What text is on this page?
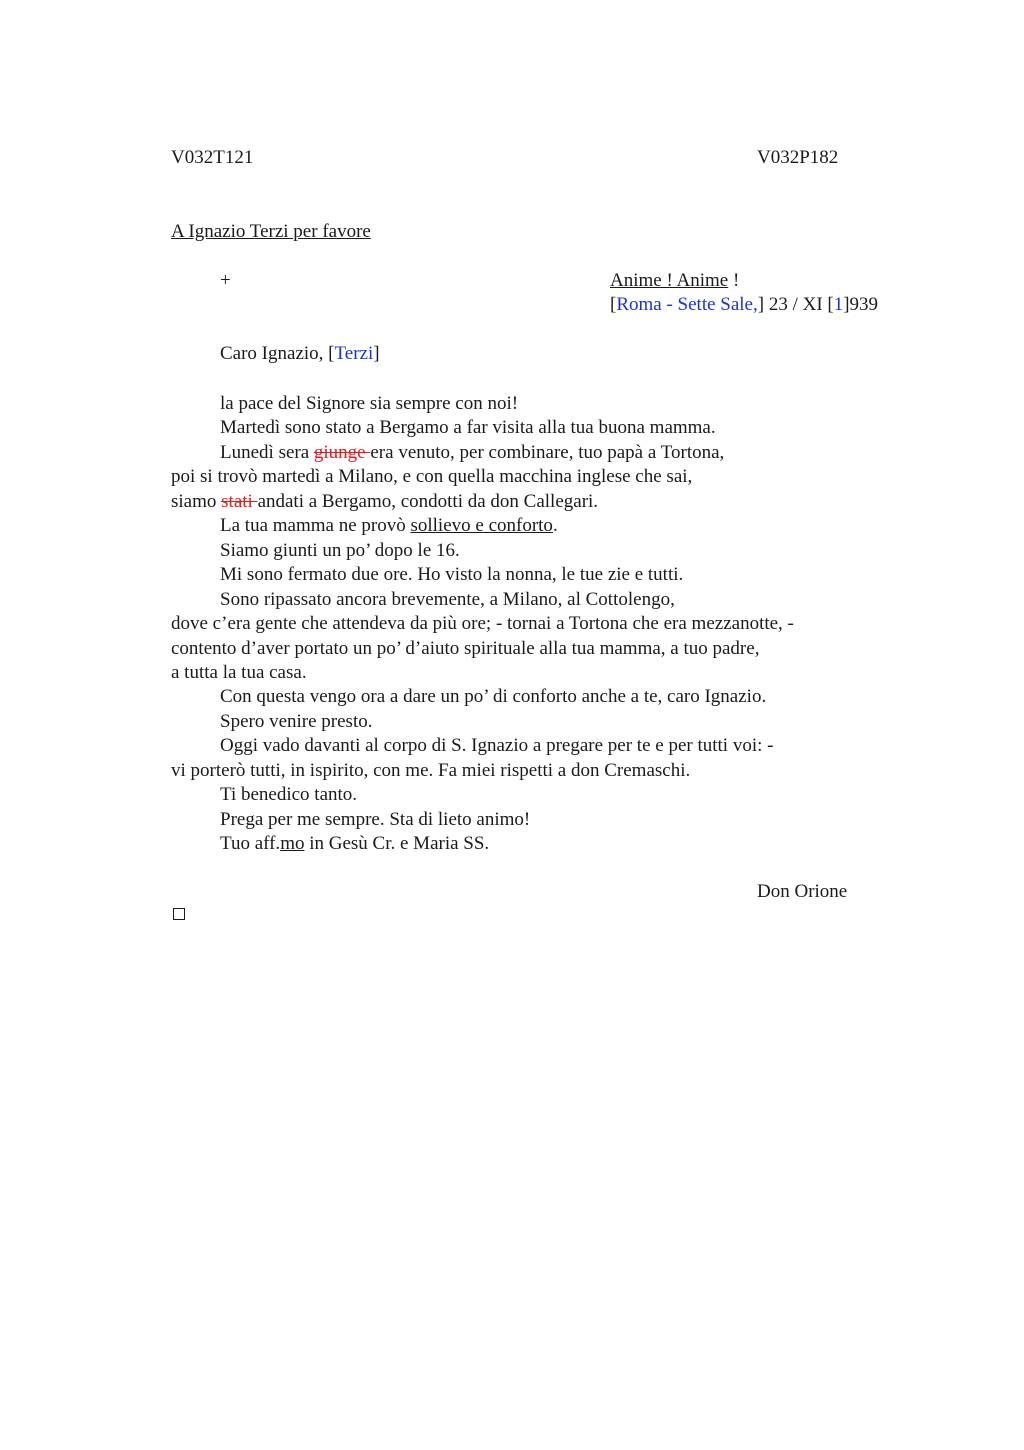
V032T121	V032P182
A Ignazio Terzi per favore
+	Anime ! Anime !
[Roma - Sette Sale,] 23 / XI [1]939
Caro Ignazio, [Terzi]
la pace del Signore sia sempre con noi!
Martedì sono stato a Bergamo a far visita alla tua buona mamma.
Lunedì sera giunge era venuto, per combinare, tuo papà a Tortona,
poi si trovò martedì a Milano, e con quella macchina inglese che sai,
siamo stati andati a Bergamo, condotti da don Callegari.
La tua mamma ne provò sollievo e conforto.
Siamo giunti un po’ dopo le 16.
Mi sono fermato due ore. Ho visto la nonna, le tue zie e tutti.
Sono ripassato ancora brevemente, a Milano, al Cottolengo,
dove c’era gente che attendeva da più ore; - tornai a Tortona che era mezzanotte, -
contento d’aver portato un po’ d’aiuto spirituale alla tua mamma, a tuo padre,
a tutta la tua casa.
Con questa vengo ora a dare un po’ di conforto anche a te, caro Ignazio.
Spero venire presto.
Oggi vado davanti al corpo di S. Ignazio a pregare per te e per tutti voi: -
vi porterò tutti, in ispirito, con me. Fa miei rispetti a don Cremaschi.
Ti benedico tanto.
Prega per me sempre. Sta di lieto animo!
Tuo aff.mo in Gesù Cr. e Maria SS.
Don Orione
